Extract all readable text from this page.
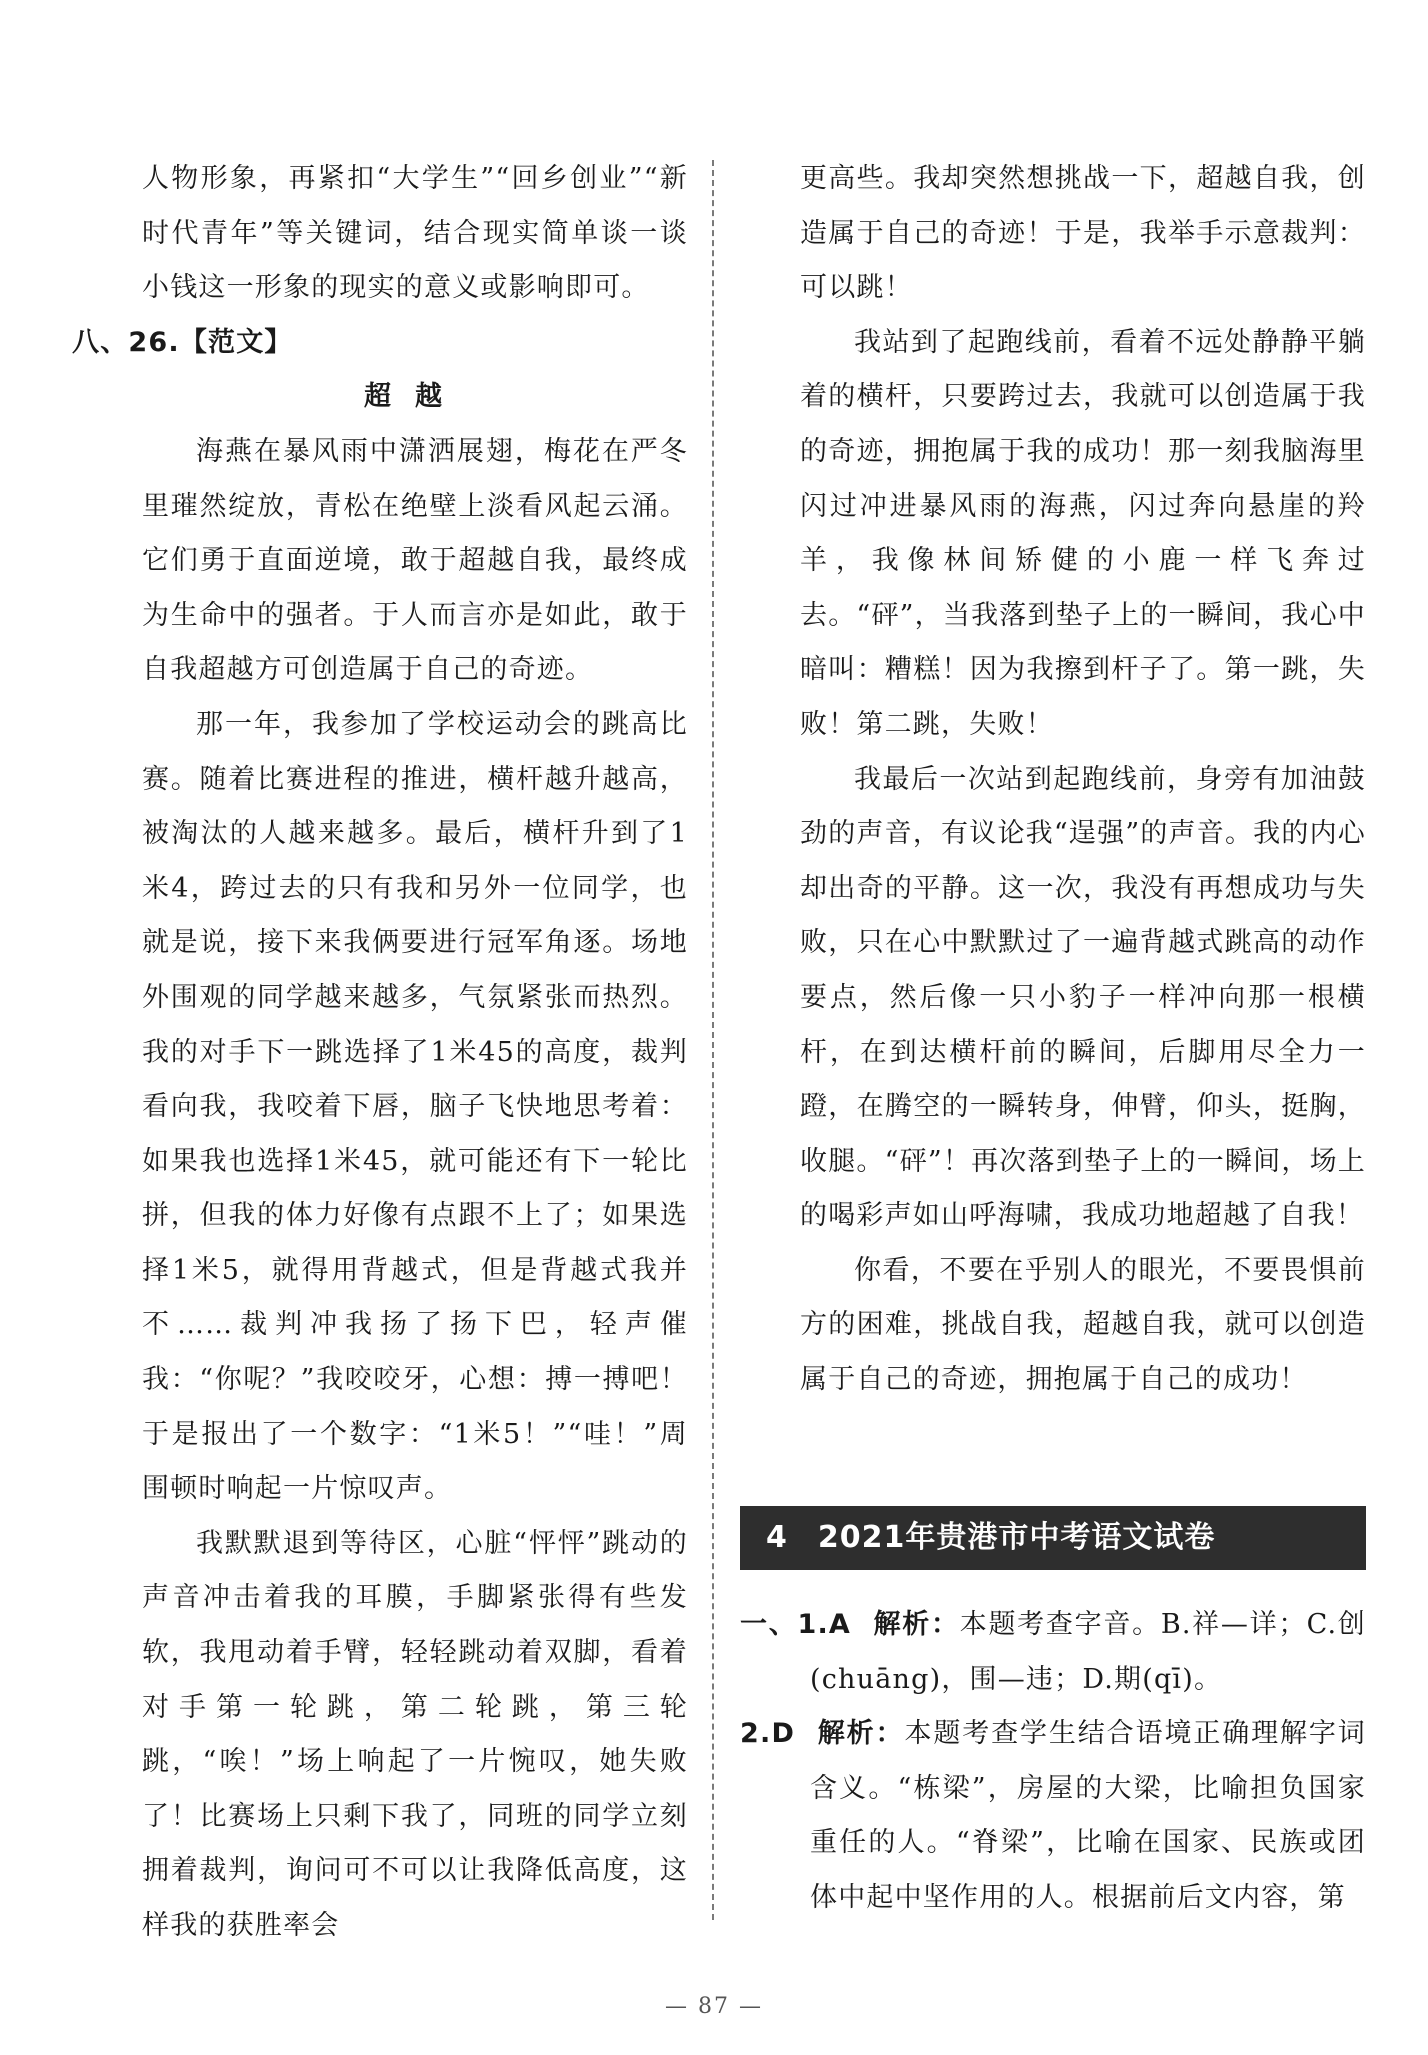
人物形象，再紧扣“大学生”“回乡创业”“新时代青年”等关键词，结合现实简单谈一谈小钱这一形象的现实的意义或影响即可。

八、26.【范文】

超越

海燕在暴风雨中潇洒展翅，梅花在严冬里璀然绽放，青松在绝壁上淡看风起云涌。它们勇于直面逆境，敢于超越自我，最终成为生命中的强者。于人而言亦是如此，敢于自我超越方可创造属于自己的奇迹。

那一年，我参加了学校运动会的跳高比赛。随着比赛进程的推进，横杆越升越高，被淘汰的人越来越多。最后，横杆升到了1米4，跨过去的只有我和另外一位同学，也就是说，接下来我俩要进行冠军角逐。场地外围观的同学越来越多，气氛紧张而热烈。我的对手下一跳选择了1米45的高度，裁判看向我，我咬着下唇，脑子飞快地思考着：如果我也选择1米45，就可能还有下一轮比拼，但我的体力好像有点跟不上了；如果选择1米5，就得用背越式，但是背越式我并不……裁判冲我扬了扬下巴，轻声催我：“你呢？”我咬咬牙，心想：搏一搏吧！于是报出了一个数字：“1米5！”“哇！”周围顿时响起一片惊叹声。

我默默退到等待区，心脏“怦怦”跳动的声音冲击着我的耳膜，手脚紧张得有些发软，我甩动着手臂，轻轻跳动着双脚，看着对手第一轮跳，第二轮跳，第三轮跳，“唉！”场上响起了一片惋叹，她失败了！比赛场上只剩下我了，同班的同学立刻拥着裁判，询问可不可以让我降低高度，这样我的获胜率会

更高些。我却突然想挑战一下，超越自我，创造属于自己的奇迹！于是，我举手示意裁判：可以跳！

我站到了起跑线前，看着不远处静静平躺着的横杆，只要跨过去，我就可以创造属于我的奇迹，拥抱属于我的成功！那一刻我脑海里闪过冲进暴风雨的海燕，闪过奔向悬崖的羚羊，我像林间矫健的小鹿一样飞奔过去。“砰”，当我落到垫子上的一瞬间，我心中暗叫：糟糕！因为我擦到杆子了。第一跳，失败！第二跳，失败！

我最后一次站到起跑线前，身旁有加油鼓劲的声音，有议论我“逞强”的声音。我的内心却出奇的平静。这一次，我没有再想成功与失败，只在心中默默过了一遍背越式跳高的动作要点，然后像一只小豹子一样冲向那一根横杆，在到达横杆前的瞬间，后脚用尽全力一蹬，在腾空的一瞬转身，伸臂，仰头，挺胸，收腿。“砰”！再次落到垫子上的一瞬间，场上的喝彩声如山呼海啸，我成功地超越了自我！

你看，不要在乎别人的眼光，不要畏惧前方的困难，挑战自我，超越自我，就可以创造属于自己的奇迹，拥抱属于自己的成功！

4 2021年贵港市中考语文试卷

一、1.A 解析：本题考查字音。B.祥—详；C.创(chuāng)，围—违；D.期(qī)。

2.D 解析：本题考查学生结合语境正确理解字词含义。“栋梁”，房屋的大梁，比喻担负国家重任的人。“脊梁”，比喻在国家、民族或团体中起中坚作用的人。根据前后文内容，第

— 87 —
